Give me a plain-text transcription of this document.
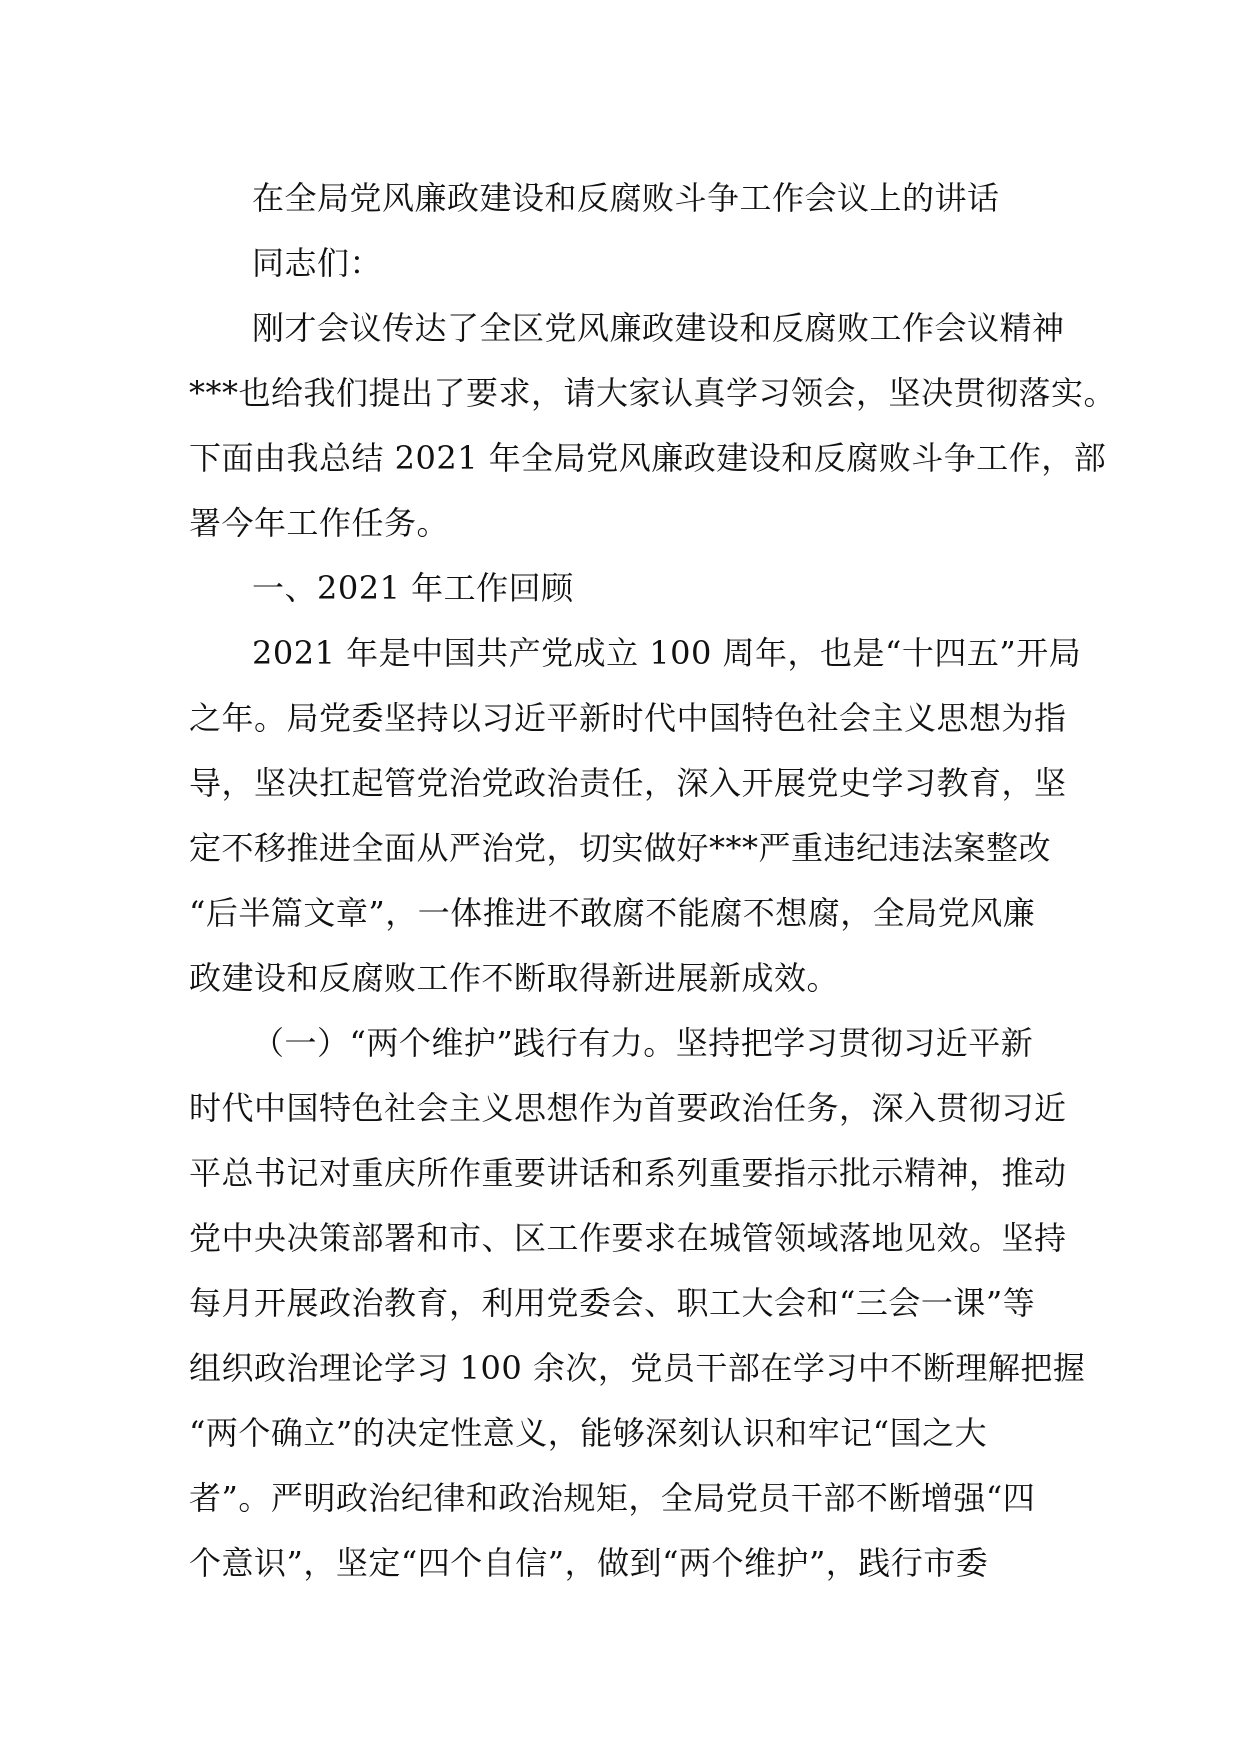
在全局党风廉政建设和反腐败斗争工作会议上的讲话
同志们：
刚才会议传达了全区党风廉政建设和反腐败工作会议精神
***也给我们提出了要求，请大家认真学习领会，坚决贯彻落实。
下面由我总结 2021 年全局党风廉政建设和反腐败斗争工作，部
署今年工作任务。
一、2021 年工作回顾
2021 年是中国共产党成立 100 周年，也是“十四五”开局
之年。局党委坚持以习近平新时代中国特色社会主义思想为指
导，坚决扛起管党治党政治责任，深入开展党史学习教育，坚
定不移推进全面从严治党，切实做好***严重违纪违法案整改
“后半篇文章”，一体推进不敢腐不能腐不想腐，全局党风廉
政建设和反腐败工作不断取得新进展新成效。
（一）“两个维护”践行有力。坚持把学习贯彻习近平新
时代中国特色社会主义思想作为首要政治任务，深入贯彻习近
平总书记对重庆所作重要讲话和系列重要指示批示精神，推动
党中央决策部署和市、区工作要求在城管领域落地见效。坚持
每月开展政治教育，利用党委会、职工大会和“三会一课”等
组织政治理论学习 100 余次，党员干部在学习中不断理解把握
“两个确立”的决定性意义，能够深刻认识和牢记“国之大
者”。严明政治纪律和政治规矩，全局党员干部不断增强“四
个意识”，坚定“四个自信”，做到“两个维护”，践行市委
